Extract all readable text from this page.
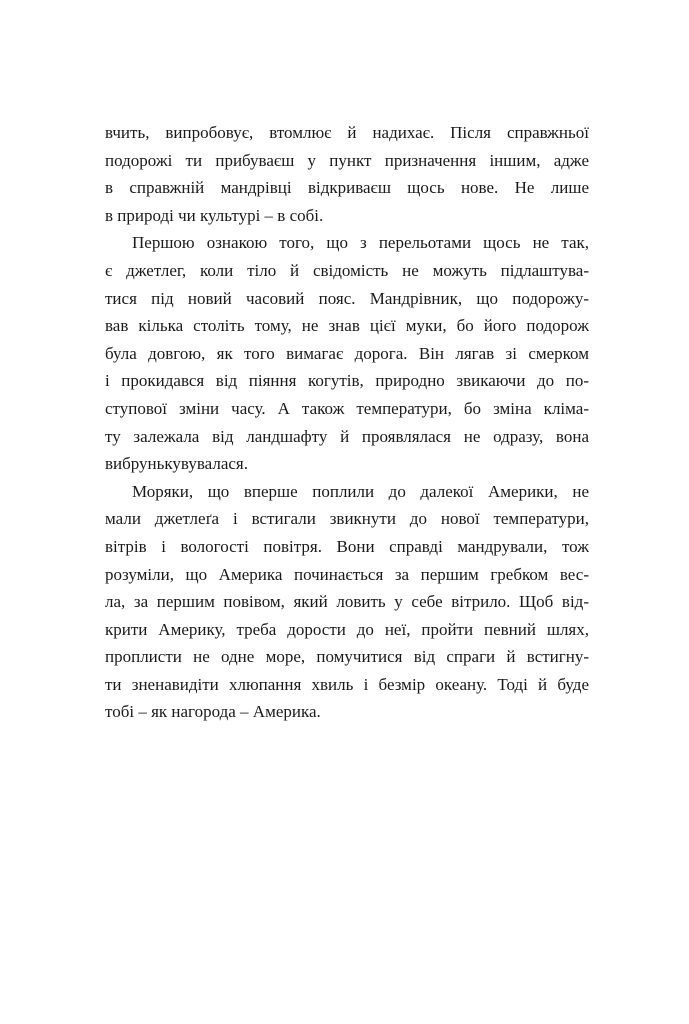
вчить, випробовує, втомлює й надихає. Після справжньої
подорожі ти прибуваєш у пункт призначення іншим, адже
в справжній мандрівці відкриваєш щось нове. Не лише
в природі чи культурі – в собі.

Першою ознакою того, що з перельотами щось не так,
є джетлег, коли тіло й свідомість не можуть підлаштува-
тися під новий часовий пояс. Мандрівник, що подорожу-
вав кілька століть тому, не знав цієї муки, бо його подорож
була довгою, як того вимагає дорога. Він лягав зі смерком
і прокидався від піяння когутів, природно звикаючи до по-
ступової зміни часу. А також температури, бо зміна кліма-
ту залежала від ландшафту й проявлялася не одразу, вона
вибрунькувувалася.

Моряки, що вперше поплили до далекої Америки, не
мали джетлеґа і встигали звикнути до нової температури,
вітрів і вологості повітря. Вони справді мандрували, тож
розуміли, що Америка починається за першим гребком вес-
ла, за першим повівом, який ловить у себе вітрило. Щоб від-
крити Америку, треба дорости до неї, пройти певний шлях,
проплисти не одне море, помучитися від спраги й встигну-
ти зненавидіти хлюпання хвиль і безмір океану. Тоді й буде
тобі – як нагорода – Америка.
